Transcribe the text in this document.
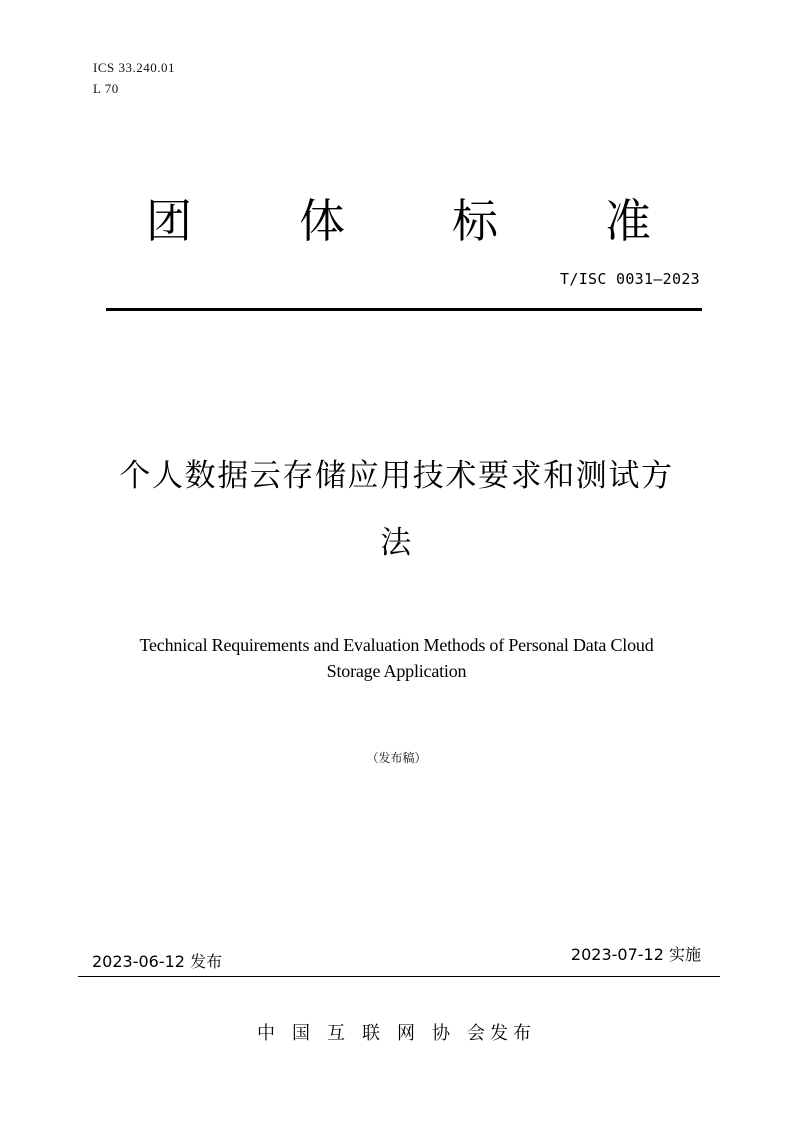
ICS 33.240.01
L 70
团 体 标 准
T/ISC 0031—2023
个人数据云存储应用技术要求和测试方
法
Technical Requirements and Evaluation Methods of Personal Data Cloud
Storage Application
（发布稿）
2023-06-12 发布	2023-07-12 实施
中 国 互 联 网 协 会发布
